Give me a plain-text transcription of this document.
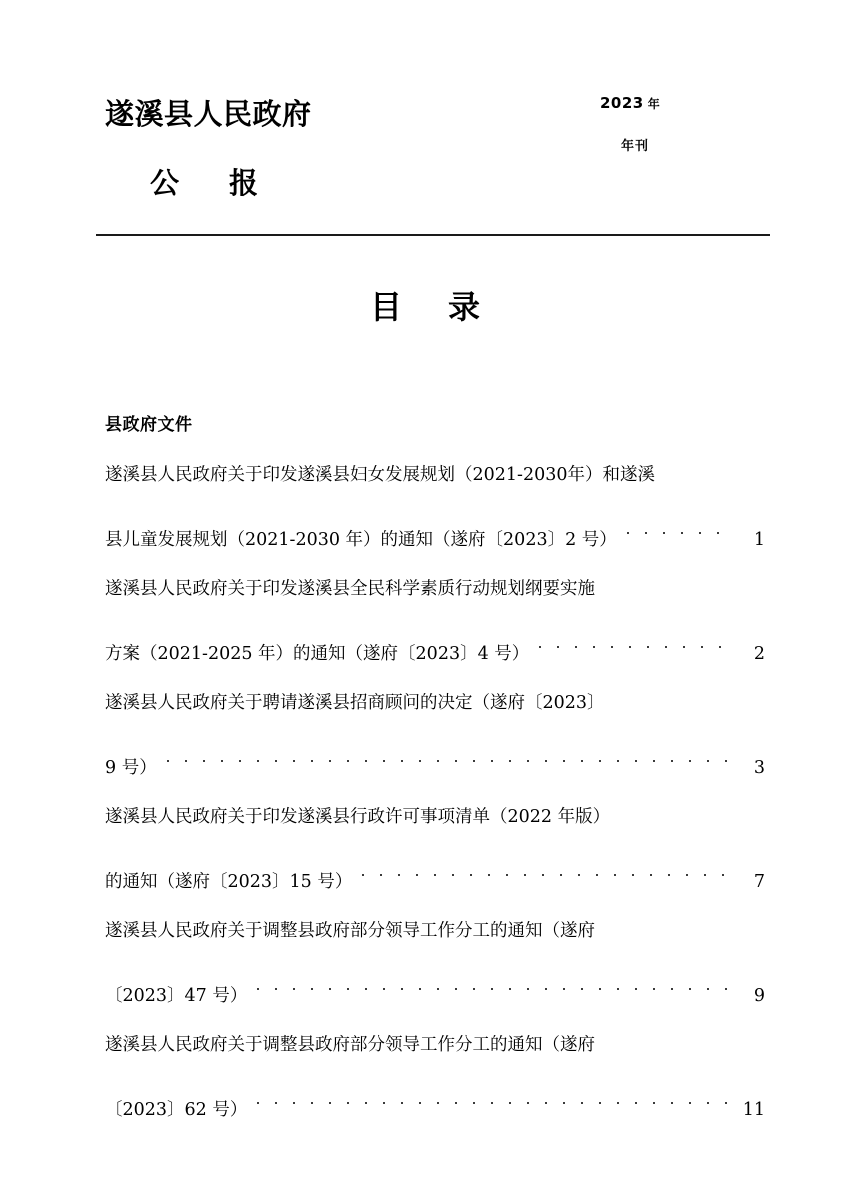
遂溪县人民政府
公 报
2023 年
年刊
目 录
县政府文件
遂溪县人民政府关于印发遂溪县妇女发展规划（2021-2030年）和遂溪
县儿童发展规划（2021-2030 年）的通知（遂府〔2023〕2 号）	1
遂溪县人民政府关于印发遂溪县全民科学素质行动规划纲要实施
方案（2021-2025 年）的通知（遂府〔2023〕4 号）	2
遂溪县人民政府关于聘请遂溪县招商顾问的决定（遂府〔2023〕
9 号）	3
遂溪县人民政府关于印发遂溪县行政许可事项清单（2022 年版）
的通知（遂府〔2023〕15 号）	7
遂溪县人民政府关于调整县政府部分领导工作分工的通知（遂府
〔2023〕47 号）	9
遂溪县人民政府关于调整县政府部分领导工作分工的通知（遂府
〔2023〕62 号）	11
